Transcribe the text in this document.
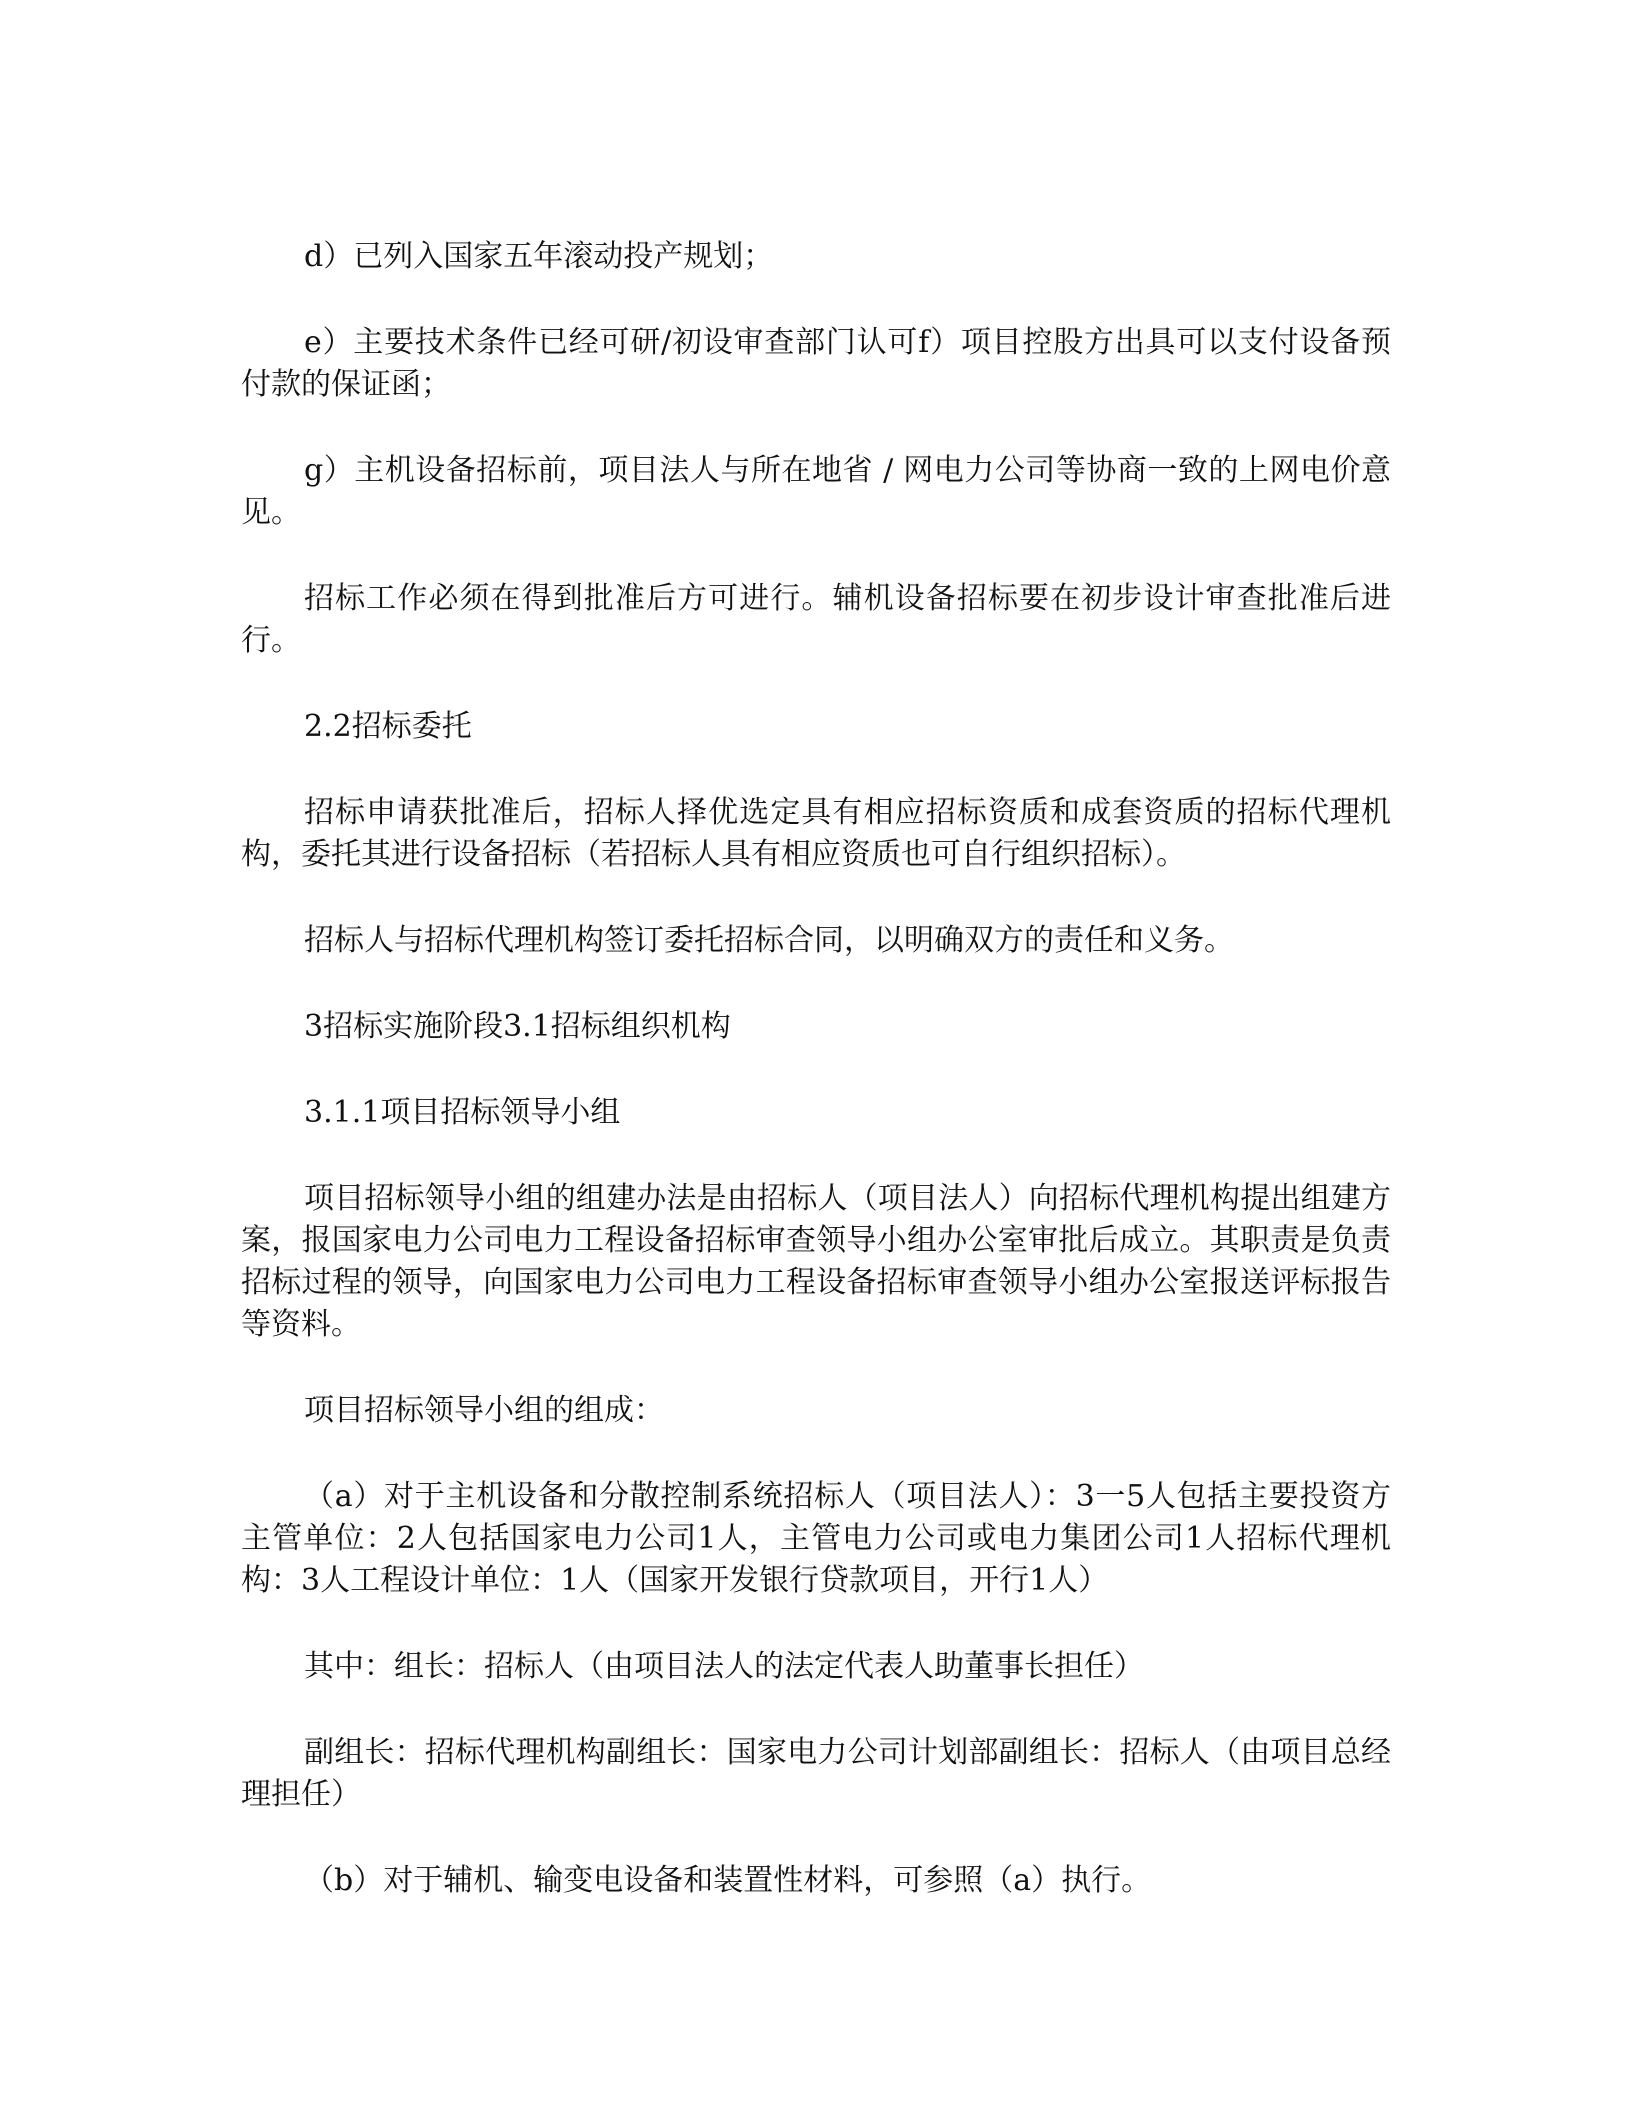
d）已列入国家五年滚动投产规划；

e）主要技术条件已经可研/初设审查部门认可f）项目控股方出具可以支付设备预付款的保证函；

g）主机设备招标前，项目法人与所在地省 / 网电力公司等协商一致的上网电价意见。

招标工作必须在得到批准后方可进行。辅机设备招标要在初步设计审查批准后进行。

2.2招标委托

招标申请获批准后，招标人择优选定具有相应招标资质和成套资质的招标代理机构，委托其进行设备招标（若招标人具有相应资质也可自行组织招标）。

招标人与招标代理机构签订委托招标合同，以明确双方的责任和义务。

3招标实施阶段3.1招标组织机构

3.1.1项目招标领导小组

项目招标领导小组的组建办法是由招标人（项目法人）向招标代理机构提出组建方案，报国家电力公司电力工程设备招标审查领导小组办公室审批后成立。其职责是负责招标过程的领导，向国家电力公司电力工程设备招标审查领导小组办公室报送评标报告等资料。

项目招标领导小组的组成：

（a）对于主机设备和分散控制系统招标人（项目法人）：3一5人包括主要投资方主管单位：2人包括国家电力公司1人，主管电力公司或电力集团公司1人招标代理机构：3人工程设计单位：1人（国家开发银行贷款项目，开行1人）

其中：组长：招标人（由项目法人的法定代表人助董事长担任）

副组长：招标代理机构副组长：国家电力公司计划部副组长：招标人（由项目总经理担任）

（b）对于辅机、输变电设备和装置性材料，可参照（a）执行。
